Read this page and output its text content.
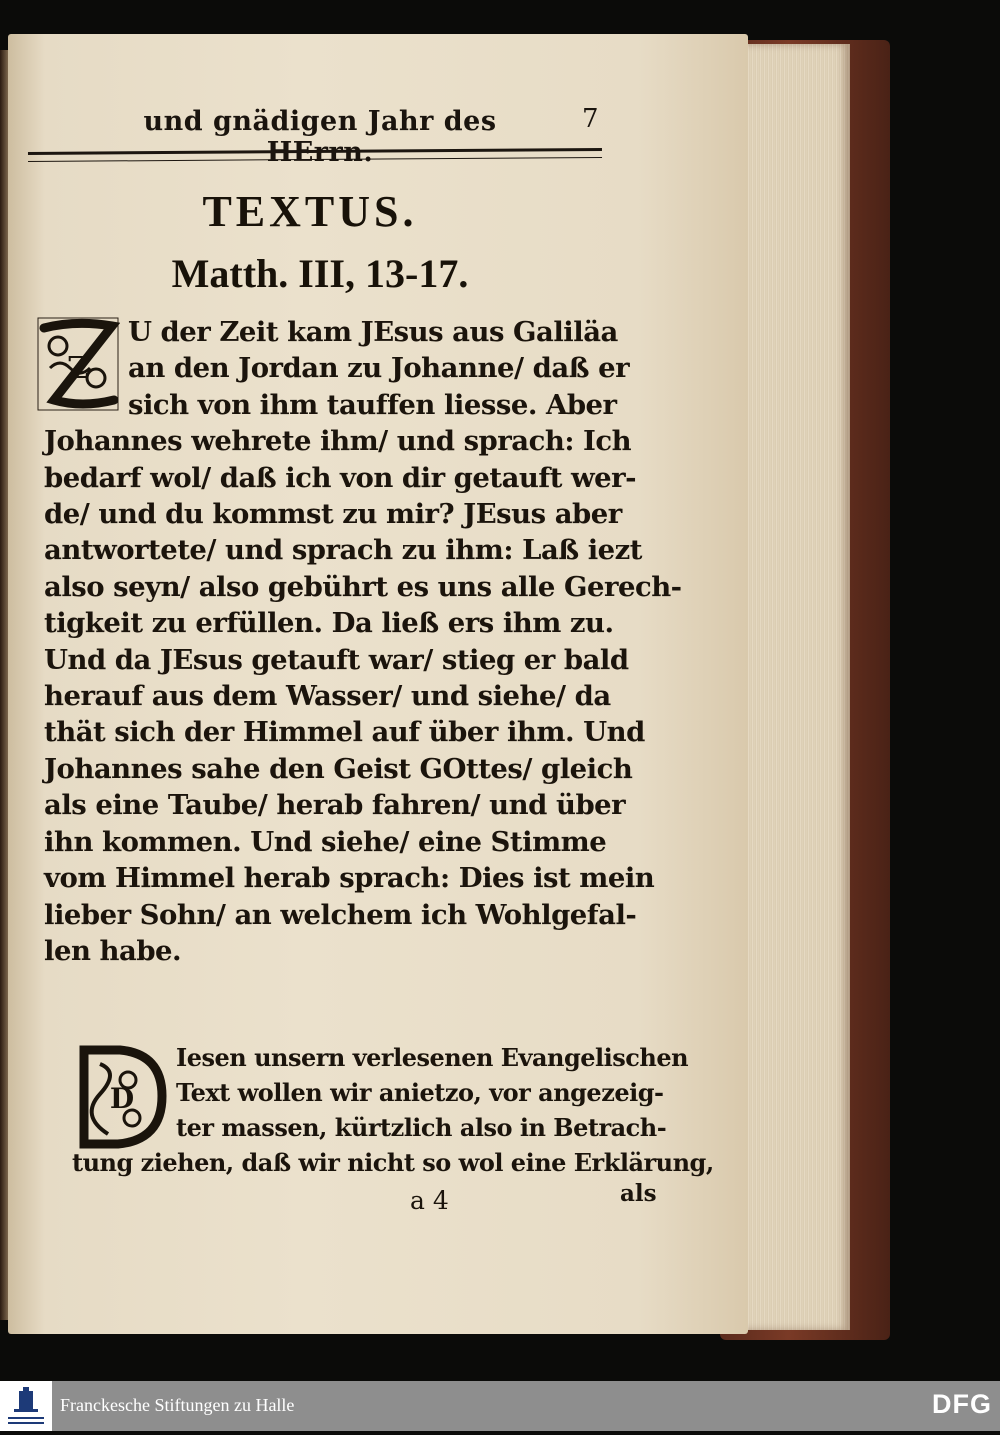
und gnädigen Jahr des HErrn.
7
TEXTUS.
Matth. III, 13-17.
Z
U der Zeit kam JEsus aus Galiläa
an den Jordan zu Johanne/ daß er
sich von ihm tauffen liesse. Aber
Johannes wehrete ihm/ und sprach: Ich
bedarf wol/ daß ich von dir getauft wer-
de/ und du kommst zu mir? JEsus aber
antwortete/ und sprach zu ihm: Laß iezt
also seyn/ also gebührt es uns alle Gerech-
tigkeit zu erfüllen. Da ließ ers ihm zu.
Und da JEsus getauft war/ stieg er bald
herauf aus dem Wasser/ und siehe/ da
thät sich der Himmel auf über ihm. Und
Johannes sahe den Geist GOttes/ gleich
als eine Taube/ herab fahren/ und über
ihn kommen. Und siehe/ eine Stimme
vom Himmel herab sprach: Dies ist mein
lieber Sohn/ an welchem ich Wohlgefal-
len habe.
D
Iesen unsern verlesenen Evangelischen
Text wollen wir anietzo, vor angezeig-
ter massen, kürtzlich also in Betrach-
tung ziehen, daß wir nicht so wol eine Erklärung,
a 4	als
Franckesche Stiftungen zu Halle	DFG
